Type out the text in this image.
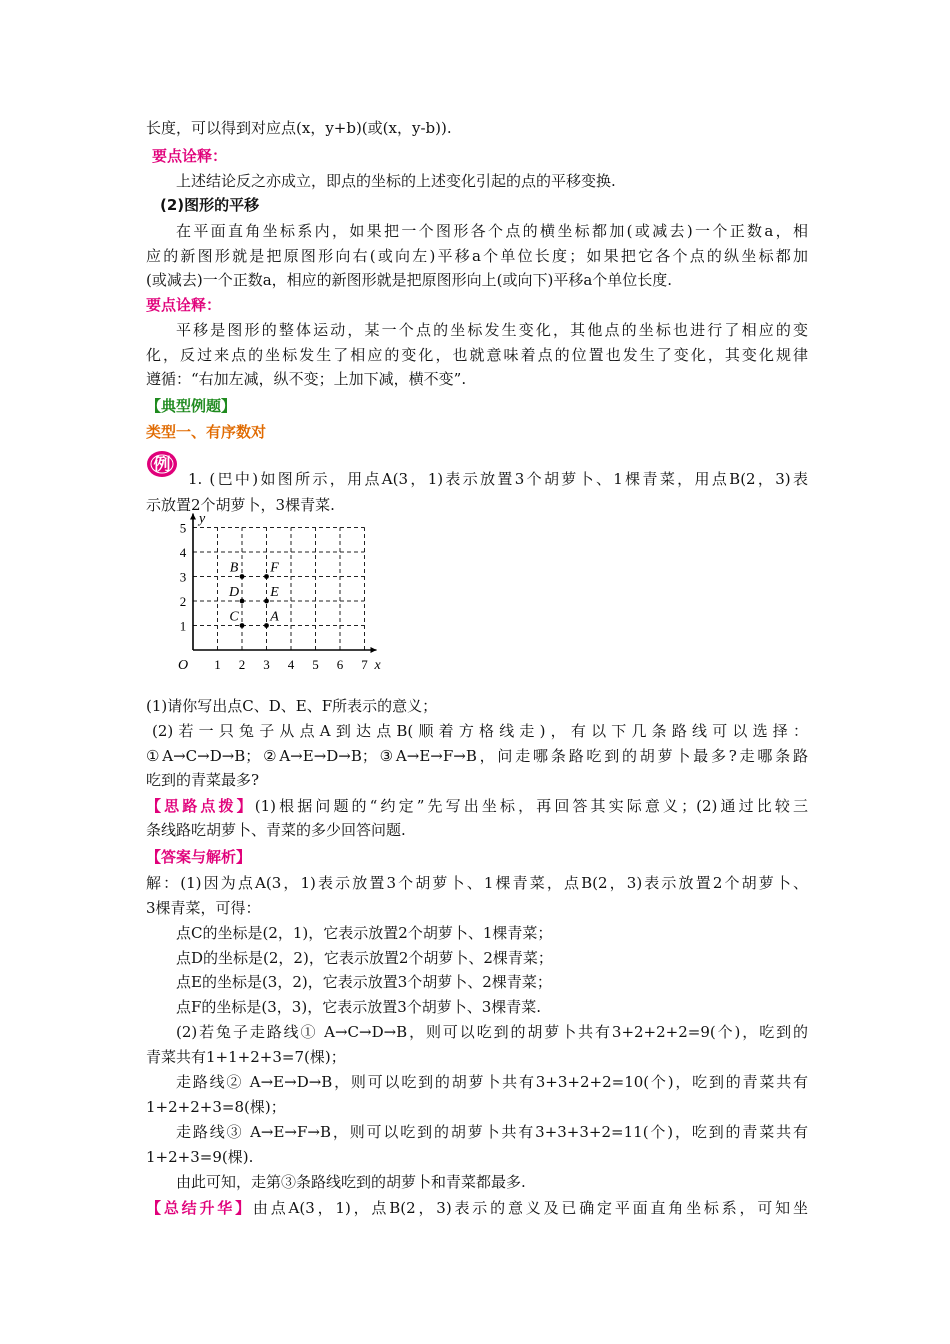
长度，可以得到对应点(x，y+b)(或(x，y-b)).
要点诠释：
上述结论反之亦成立，即点的坐标的上述变化引起的点的平移变换.
(2)图形的平移
在平面直角坐标系内，如果把一个图形各个点的横坐标都加(或减去)一个正数a，相
应的新图形就是把原图形向右(或向左)平移a个单位长度；如果把它各个点的纵坐标都加
(或减去)一个正数a，相应的新图形就是把原图形向上(或向下)平移a个单位长度.
要点诠释：
平移是图形的整体运动，某一个点的坐标发生变化，其他点的坐标也进行了相应的变
化，反过来点的坐标发生了相应的变化，也就意味着点的位置也发生了变化，其变化规律
遵循：“右加左减，纵不变；上加下减，横不变”.
【典型例题】
类型一、有序数对
例
1. (巴中)如图所示，用点A(3，1)表示放置3个胡萝卜、1棵青菜，用点B(2，3)表
示放置2个胡萝卜，3棵青菜.
1 2 3 4 5 6 7
1
2
3
4
5
O	x
y
A
B
C
D E
F
(1)请你写出点C、D、E、F所表示的意义；
(2)若一只兔子从点A到达点B(顺着方格线走)，有以下几条路线可以选择：
①A→C→D→B；②A→E→D→B；③A→E→F→B，问走哪条路吃到的胡萝卜最多?走哪条路
吃到的青菜最多?
【思路点拨】(1)根据问题的“约定”先写出坐标，再回答其实际意义；(2)通过比较三
条线路吃胡萝卜、青菜的多少回答问题.
【答案与解析】
解：(1)因为点A(3，1)表示放置3个胡萝卜、1棵青菜，点B(2，3)表示放置2个胡萝卜、
3棵青菜，可得：
点C的坐标是(2，1)，它表示放置2个胡萝卜、1棵青菜；
点D的坐标是(2，2)，它表示放置2个胡萝卜、2棵青菜；
点E的坐标是(3，2)，它表示放置3个胡萝卜、2棵青菜；
点F的坐标是(3，3)，它表示放置3个胡萝卜、3棵青菜.
(2)若兔子走路线① A→C→D→B，则可以吃到的胡萝卜共有3+2+2+2=9(个)，吃到的
青菜共有1+1+2+3=7(棵)；
走路线② A→E→D→B，则可以吃到的胡萝卜共有3+3+2+2=10(个)，吃到的青菜共有
1+2+2+3=8(棵)；
走路线③ A→E→F→B，则可以吃到的胡萝卜共有3+3+3+2=11(个)，吃到的青菜共有
1+2+3=9(棵).
由此可知，走第③条路线吃到的胡萝卜和青菜都最多.
【总结升华】由点A(3，1)，点B(2，3)表示的意义及已确定平面直角坐标系，可知坐
